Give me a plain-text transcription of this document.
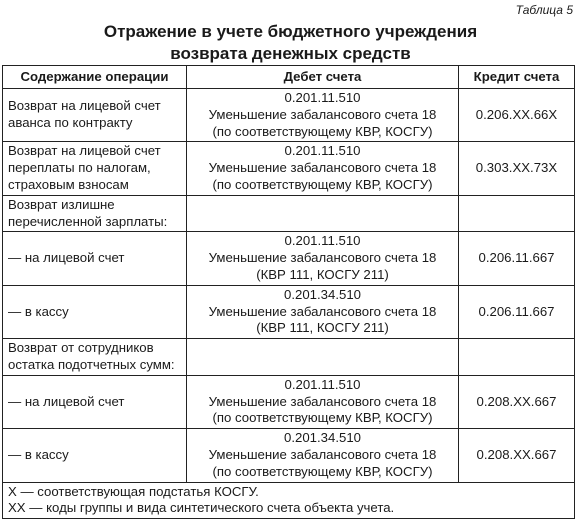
Таблица 5
Отражение в учете бюджетного учреждения
возврата денежных средств
Содержание операции	Дебет счета	Кредит счета

Возврат на лицевой счет
аванса по контракту	0.201.11.510
Уменьшение забалансового счета 18
(по соответствующему КВР, КОСГУ)	0.206.ХХ.66Х

Возврат на лицевой счет
переплаты по налогам,
страховым взносам	0.201.11.510
Уменьшение забалансового счета 18
(по соответствующему КВР, КОСГУ)	0.303.ХХ.73Х

Возврат излишне
перечисленной зарплаты:		

— на лицевой счет	0.201.11.510
Уменьшение забалансового счета 18
(КВР 111, КОСГУ 211)	0.206.11.667

— в кассу	0.201.34.510
Уменьшение забалансового счета 18
(КВР 111, КОСГУ 211)	0.206.11.667

Возврат от сотрудников
остатка подотчетных сумм:		

— на лицевой счет	0.201.11.510
Уменьшение забалансового счета 18
(по соответствующему КВР, КОСГУ)	0.208.ХХ.667

— в кассу	0.201.34.510
Уменьшение забалансового счета 18
(по соответствующему КВР, КОСГУ)	0.208.ХХ.667

Х — соответствующая подстатья КОСГУ.
ХХ — коды группы и вида синтетического счета объекта учета.		
